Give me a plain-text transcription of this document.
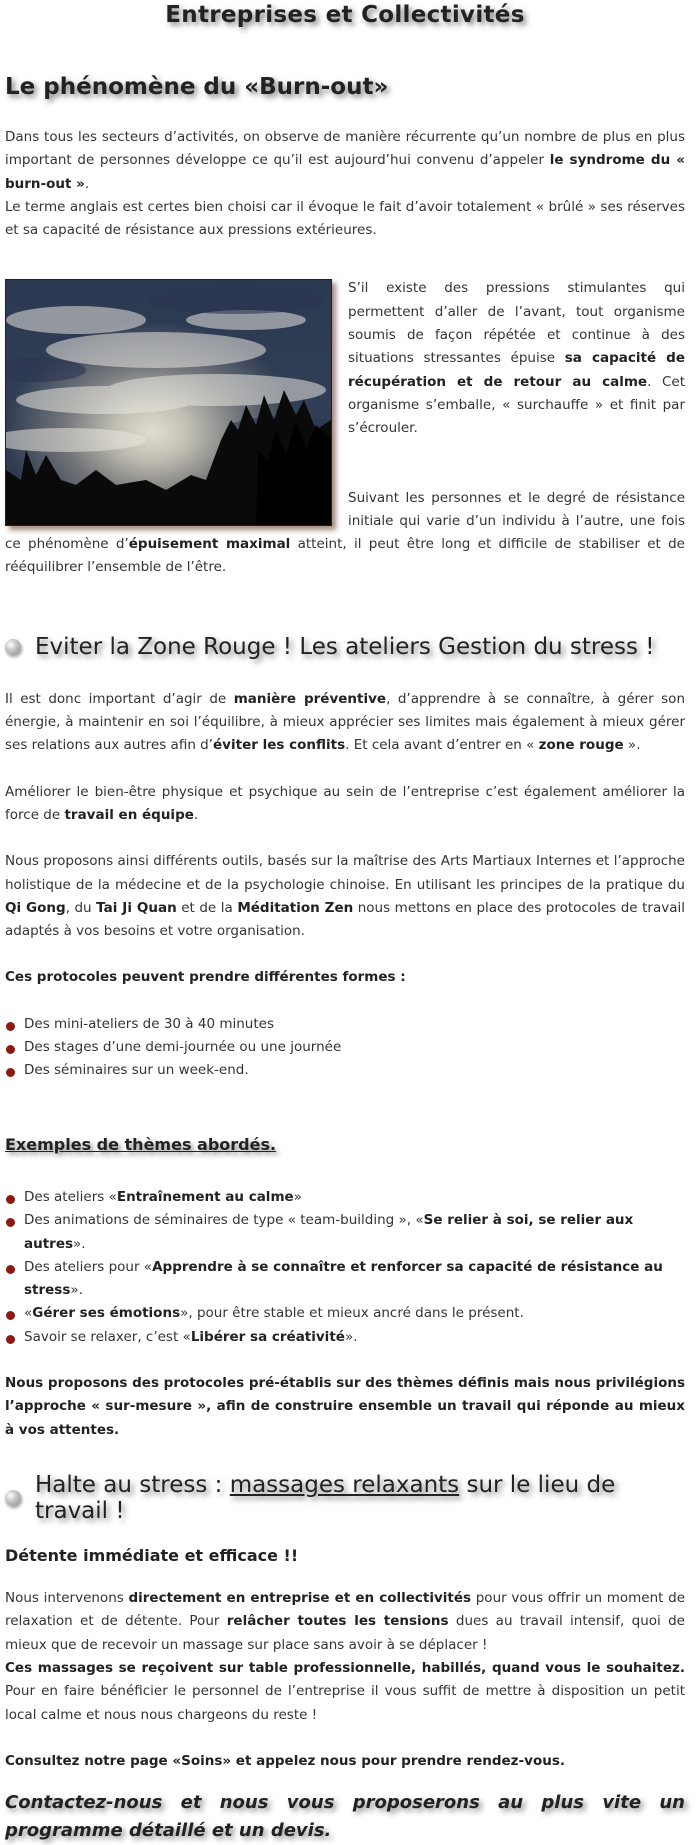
Entreprises et Collectivités
Le phénomène du «Burn-out»

Dans tous les secteurs d’activités, on observe de manière récurrente qu’un nombre de plus en plus important de personnes développe ce qu’il est aujourd’hui convenu d’appeler le syndrome du « burn-out ».

Le terme anglais est certes bien choisi car il évoque le fait d’avoir totalement « brûlé » ses réserves et sa capacité de résistance aux pressions extérieures.

S’il existe des pressions stimulantes qui permettent d’aller de l’avant, tout organisme soumis de façon répétée et continue à des situations stressantes épuise sa capacité de récupération et de retour au calme. Cet organisme s’emballe, « surchauffe » et finit par s’écrouler.

Suivant les personnes et le degré de résistance initiale qui varie d’un individu à l’autre, une fois ce phénomène d’épuisement maximal atteint, il peut être long et difficile de stabiliser et de rééquilibrer l’ensemble de l’être.

Eviter la Zone Rouge ! Les ateliers Gestion du stress !

Il est donc important d’agir de manière préventive, d’apprendre à se connaître, à gérer son énergie, à maintenir en soi l’équilibre, à mieux apprécier ses limites mais également à mieux gérer ses relations aux autres afin d’éviter les conflits. Et cela avant d’entrer en « zone rouge ».

Améliorer le bien-être physique et psychique au sein de l’entreprise c’est également améliorer la force de travail en équipe.

Nous proposons ainsi différents outils, basés sur la maîtrise des Arts Martiaux Internes et l’approche holistique de la médecine et de la psychologie chinoise. En utilisant les principes de la pratique du Qi Gong, du Tai Ji Quan et de la Méditation Zen nous mettons en place des protocoles de travail adaptés à vos besoins et votre organisation.

Ces protocoles peuvent prendre différentes formes :

Des mini-ateliers de 30 à 40 minutes
Des stages d’une demi-journée ou une journée
Des séminaires sur un week-end.

Exemples de thèmes abordés.

Des ateliers «Entraînement au calme»
Des animations de séminaires de type « team-building », «Se relier à soi, se relier aux autres».
Des ateliers pour «Apprendre à se connaître et renforcer sa capacité de résistance au stress».
«Gérer ses émotions», pour être stable et mieux ancré dans le présent.
Savoir se relaxer, c’est «Libérer sa créativité».

Nous proposons des protocoles pré-établis sur des thèmes définis mais nous privilégions l’approche « sur-mesure », afin de construire ensemble un travail qui réponde au mieux à vos attentes.

Halte au stress : massages relaxants sur le lieu de travail !

Détente immédiate et efficace !!

Nous intervenons directement en entreprise et en collectivités pour vous offrir un moment de relaxation et de détente. Pour relâcher toutes les tensions dues au travail intensif, quoi de mieux que de recevoir un massage sur place sans avoir à se déplacer !

Ces massages se reçoivent sur table professionnelle, habillés, quand vous le souhaitez. Pour en faire bénéficier le personnel de l’entreprise il vous suffit de mettre à disposition un petit local calme et nous nous chargeons du reste !

Consultez notre page «Soins» et appelez nous pour prendre rendez-vous.

Contactez-nous et nous vous proposerons au plus vite un programme détaillé et un devis.
